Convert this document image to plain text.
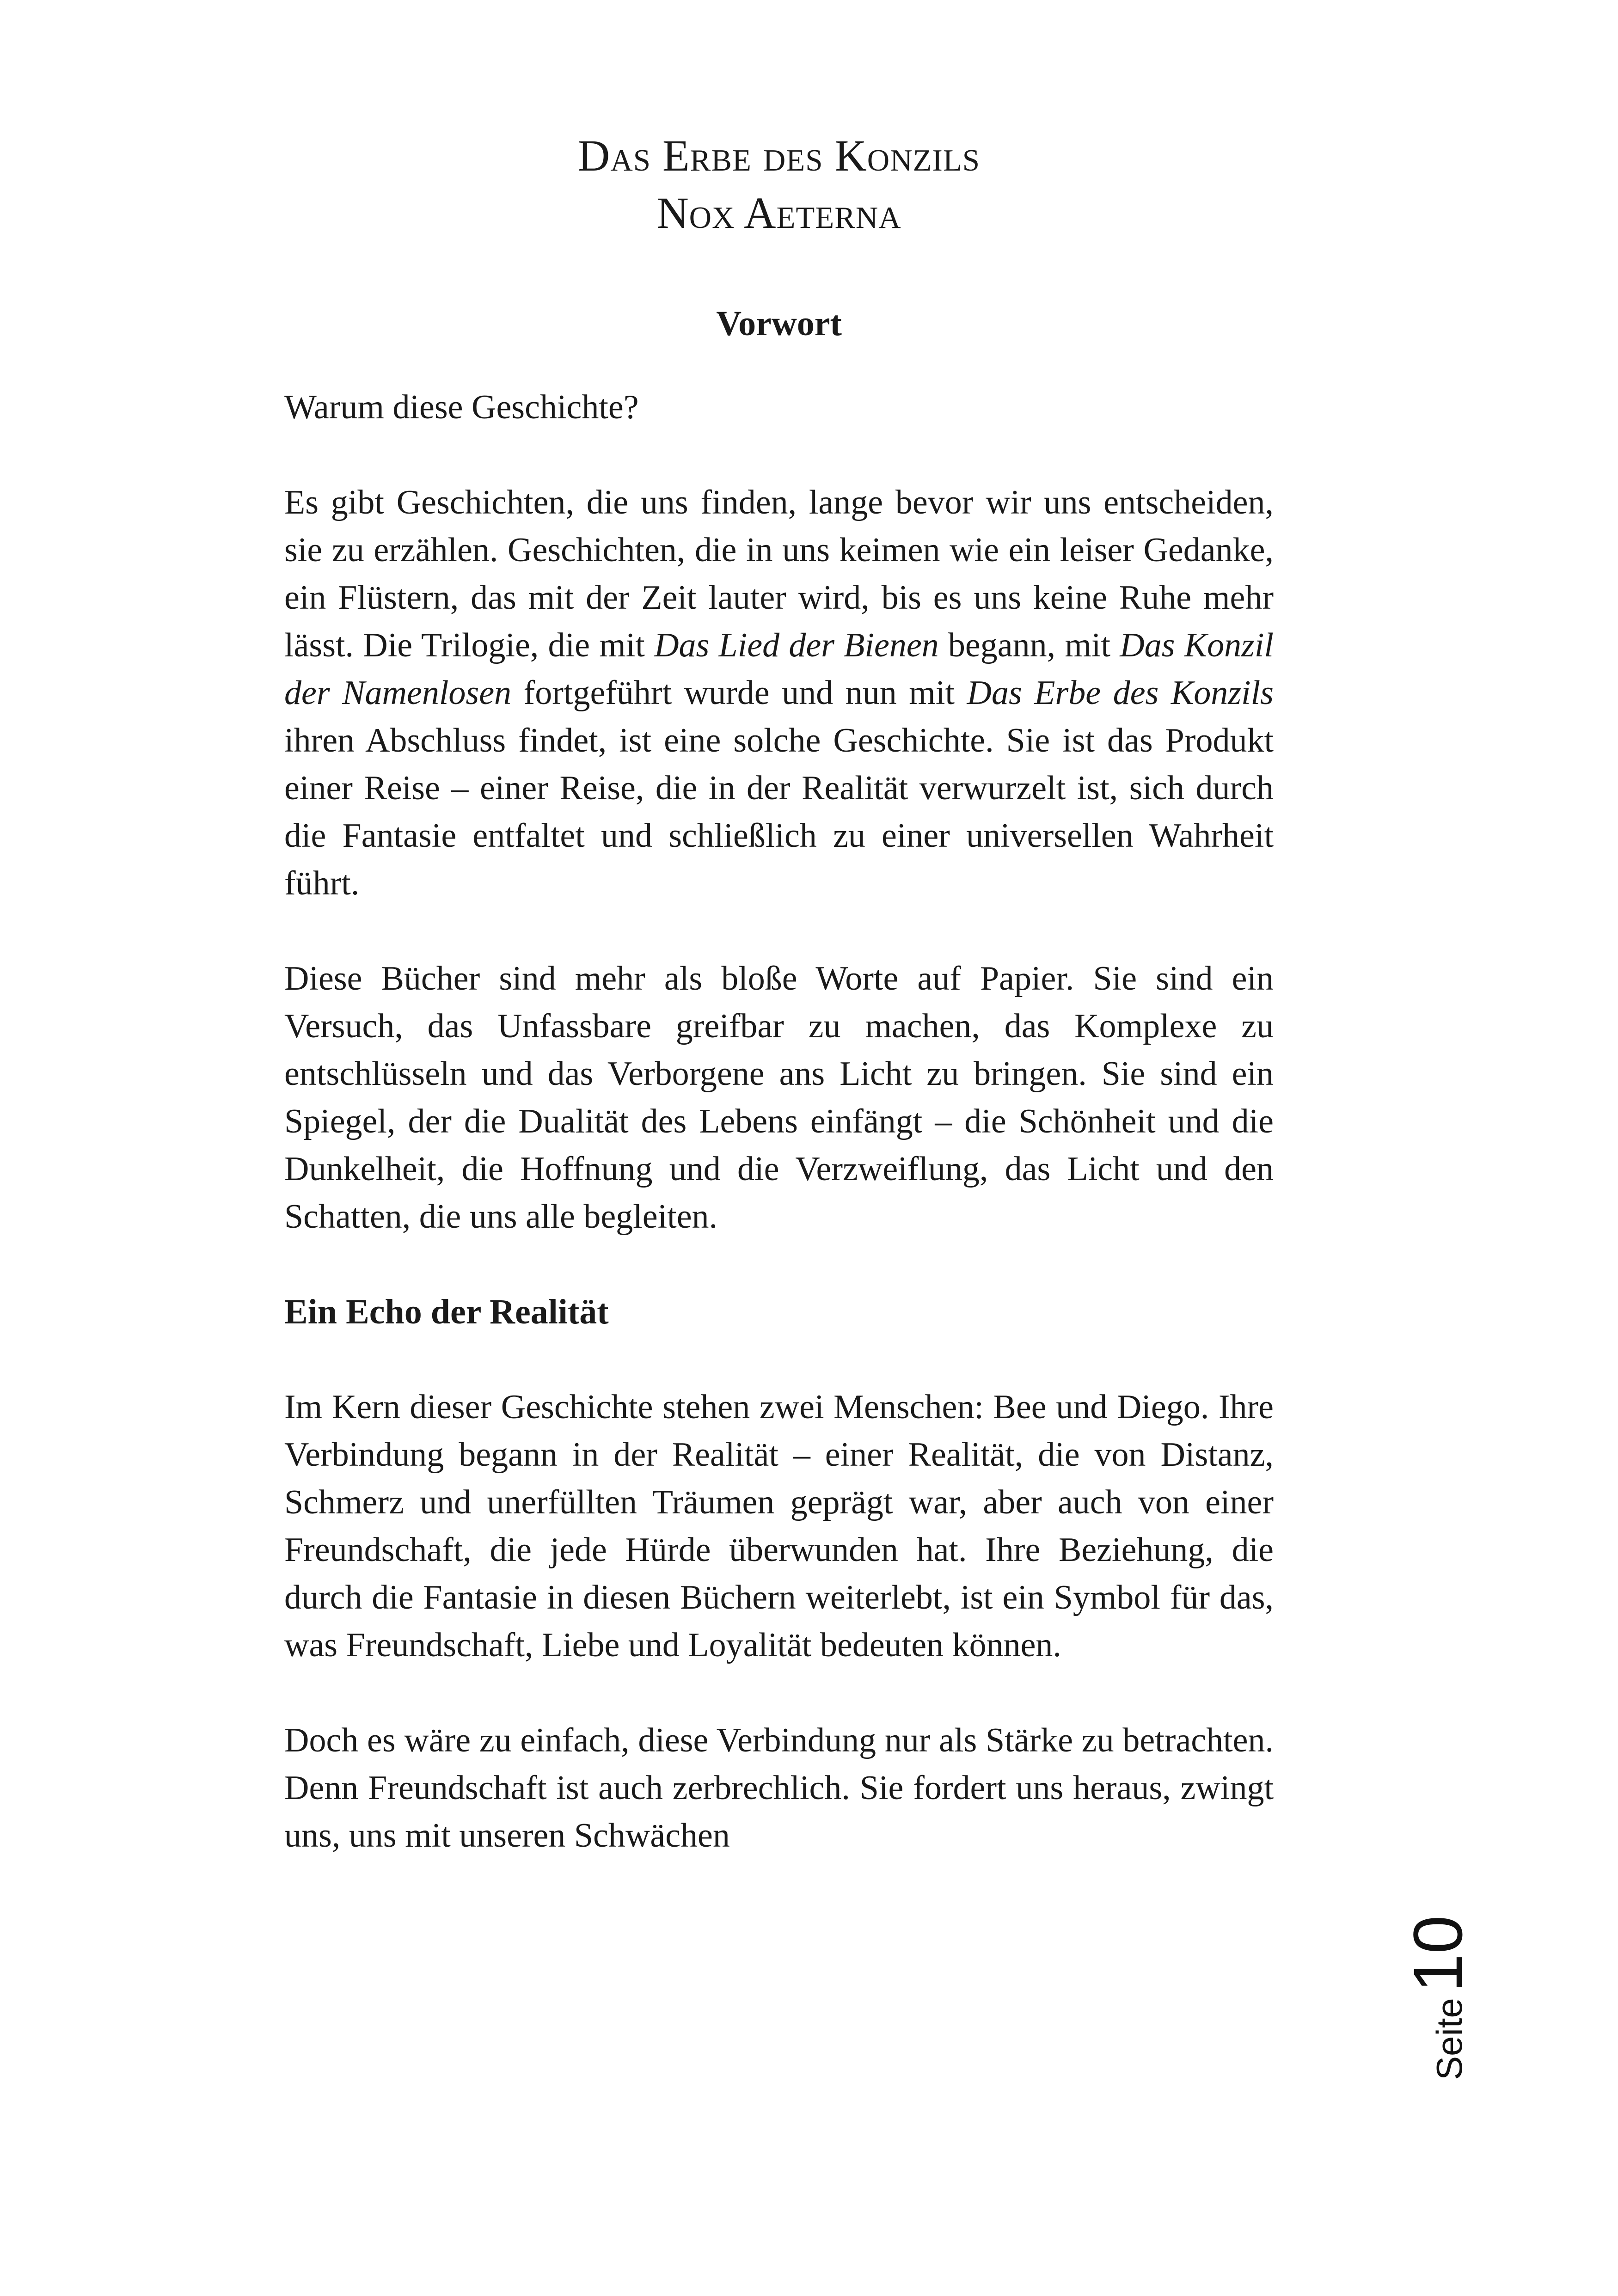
Das Erbe des Konzils
Nox Aeterna
Vorwort

Warum diese Geschichte?

Es gibt Geschichten, die uns finden, lange bevor wir uns entscheiden, sie zu erzählen. Geschichten, die in uns keimen wie ein leiser Gedanke, ein Flüstern, das mit der Zeit lauter wird, bis es uns keine Ruhe mehr lässt. Die Trilogie, die mit Das Lied der Bienen begann, mit Das Konzil der Namenlosen fortgeführt wurde und nun mit Das Erbe des Konzils ihren Abschluss findet, ist eine solche Geschichte. Sie ist das Produkt einer Reise – einer Reise, die in der Realität verwurzelt ist, sich durch die Fantasie entfaltet und schließlich zu einer universellen Wahrheit führt.

Diese Bücher sind mehr als bloße Worte auf Papier. Sie sind ein Versuch, das Unfassbare greifbar zu machen, das Komplexe zu entschlüsseln und das Verborgene ans Licht zu bringen. Sie sind ein Spiegel, der die Dualität des Lebens einfängt – die Schönheit und die Dunkelheit, die Hoffnung und die Verzweiflung, das Licht und den Schatten, die uns alle begleiten.

Ein Echo der Realität

Im Kern dieser Geschichte stehen zwei Menschen: Bee und Diego. Ihre Verbindung begann in der Realität – einer Realität, die von Distanz, Schmerz und unerfüllten Träumen geprägt war, aber auch von einer Freundschaft, die jede Hürde überwunden hat. Ihre Beziehung, die durch die Fantasie in diesen Büchern weiterlebt, ist ein Symbol für das, was Freundschaft, Liebe und Loyalität bedeuten können.

Doch es wäre zu einfach, diese Verbindung nur als Stärke zu betrachten. Denn Freundschaft ist auch zerbrechlich. Sie fordert uns heraus, zwingt uns, uns mit unseren Schwächen

Seite10
